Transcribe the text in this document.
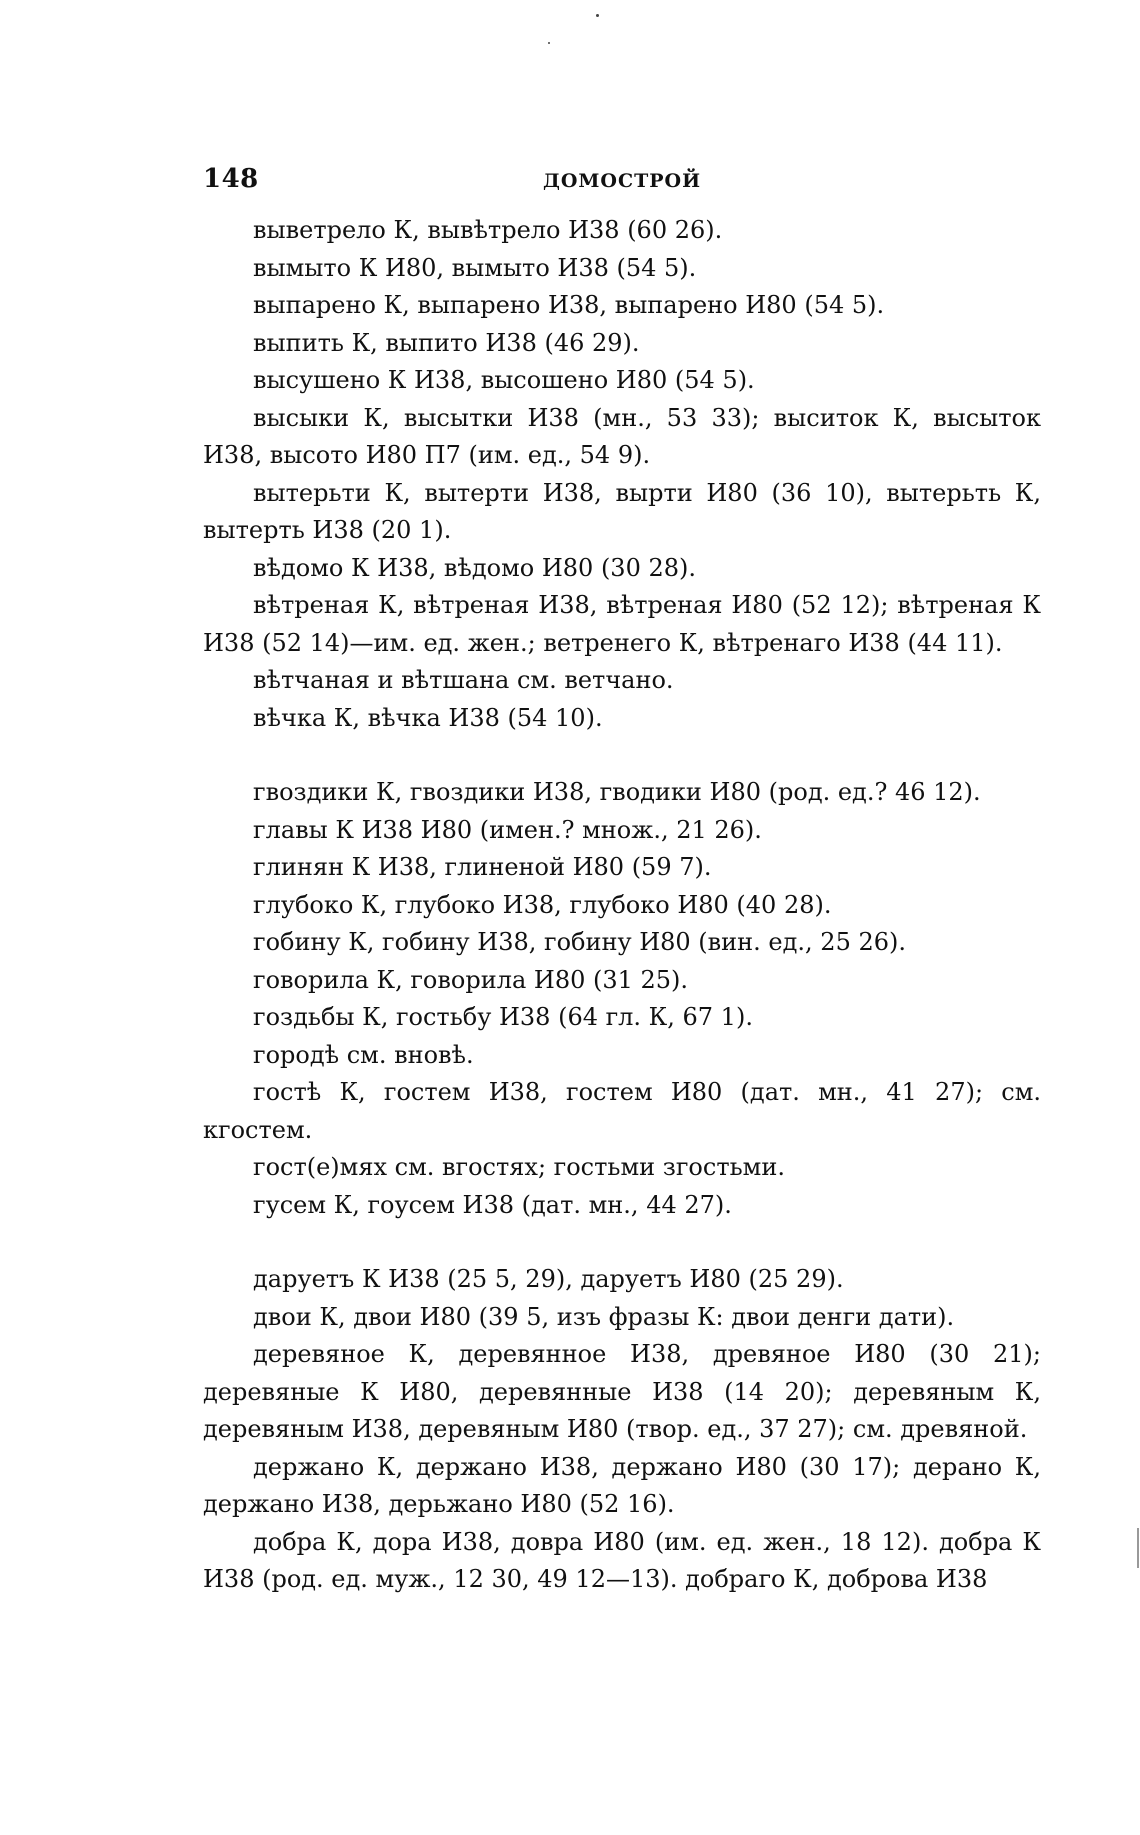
148	ДОМОСТРОЙ

выветрело К, вывѣтрело И38 (60 26).

вымыто К И80, вымыто И38 (54 5).

выпарено К, выпарено И38, выпарено И80 (54 5).

выпить К, выпито И38 (46 29).

высушено К И38, высошено И80 (54 5).

высыки К, высытки И38 (мн., 53 33); выситок К, высыток И38, высото И80 П7 (им. ед., 54 9).

вытерьти К, вытерти И38, вырти И80 (36 10), вытерьть К, вытерть И38 (20 1).

вѣдомо К И38, вѣдомо И80 (30 28).

вѣтреная К, вѣтреная И38, вѣтреная И80 (52 12); вѣтреная К И38 (52 14)—им. ед. жен.; ветренего К, вѣтренаго И38 (44 11).

вѣтчаная и вѣтшана см. ветчано.

вѣчка К, вѣчка И38 (54 10).

гвоздики К, гвоздики И38, гводики И80 (род. ед.? 46 12).

главы К И38 И80 (имен.? множ., 21 26).

глинян К И38, глиненой И80 (59 7).

глубоко К, глубоко И38, глубоко И80 (40 28).

гобину К, гобину И38, гобину И80 (вин. ед., 25 26).

говорила К, говорила И80 (31 25).

гоздьбы К, гостьбу И38 (64 гл. К, 67 1).

городѣ см. вновѣ.

гостѣ К, гостем И38, гостем И80 (дат. мн., 41 27); см. кгостем.

гост(е)мях см. вгостях; гостьми згостьми.

гусем К, гоусем И38 (дат. мн., 44 27).

даруетъ К И38 (25 5, 29), даруетъ И80 (25 29).

двои К, двои И80 (39 5, изъ фразы К: двои денги дати).

деревяное К, деревянное И38, древяное И80 (30 21); деревяные К И80, деревянные И38 (14 20); деревяным К, деревяным И38, деревяным И80 (твор. ед., 37 27); см. древяной.

держано К, держано И38, держано И80 (30 17); дерано К, держано И38, дерьжано И80 (52 16).

добра К, дора И38, довра И80 (им. ед. жен., 18 12). добра К И38 (род. ед. муж., 12 30, 49 12—13). добраго К, доброва И38
